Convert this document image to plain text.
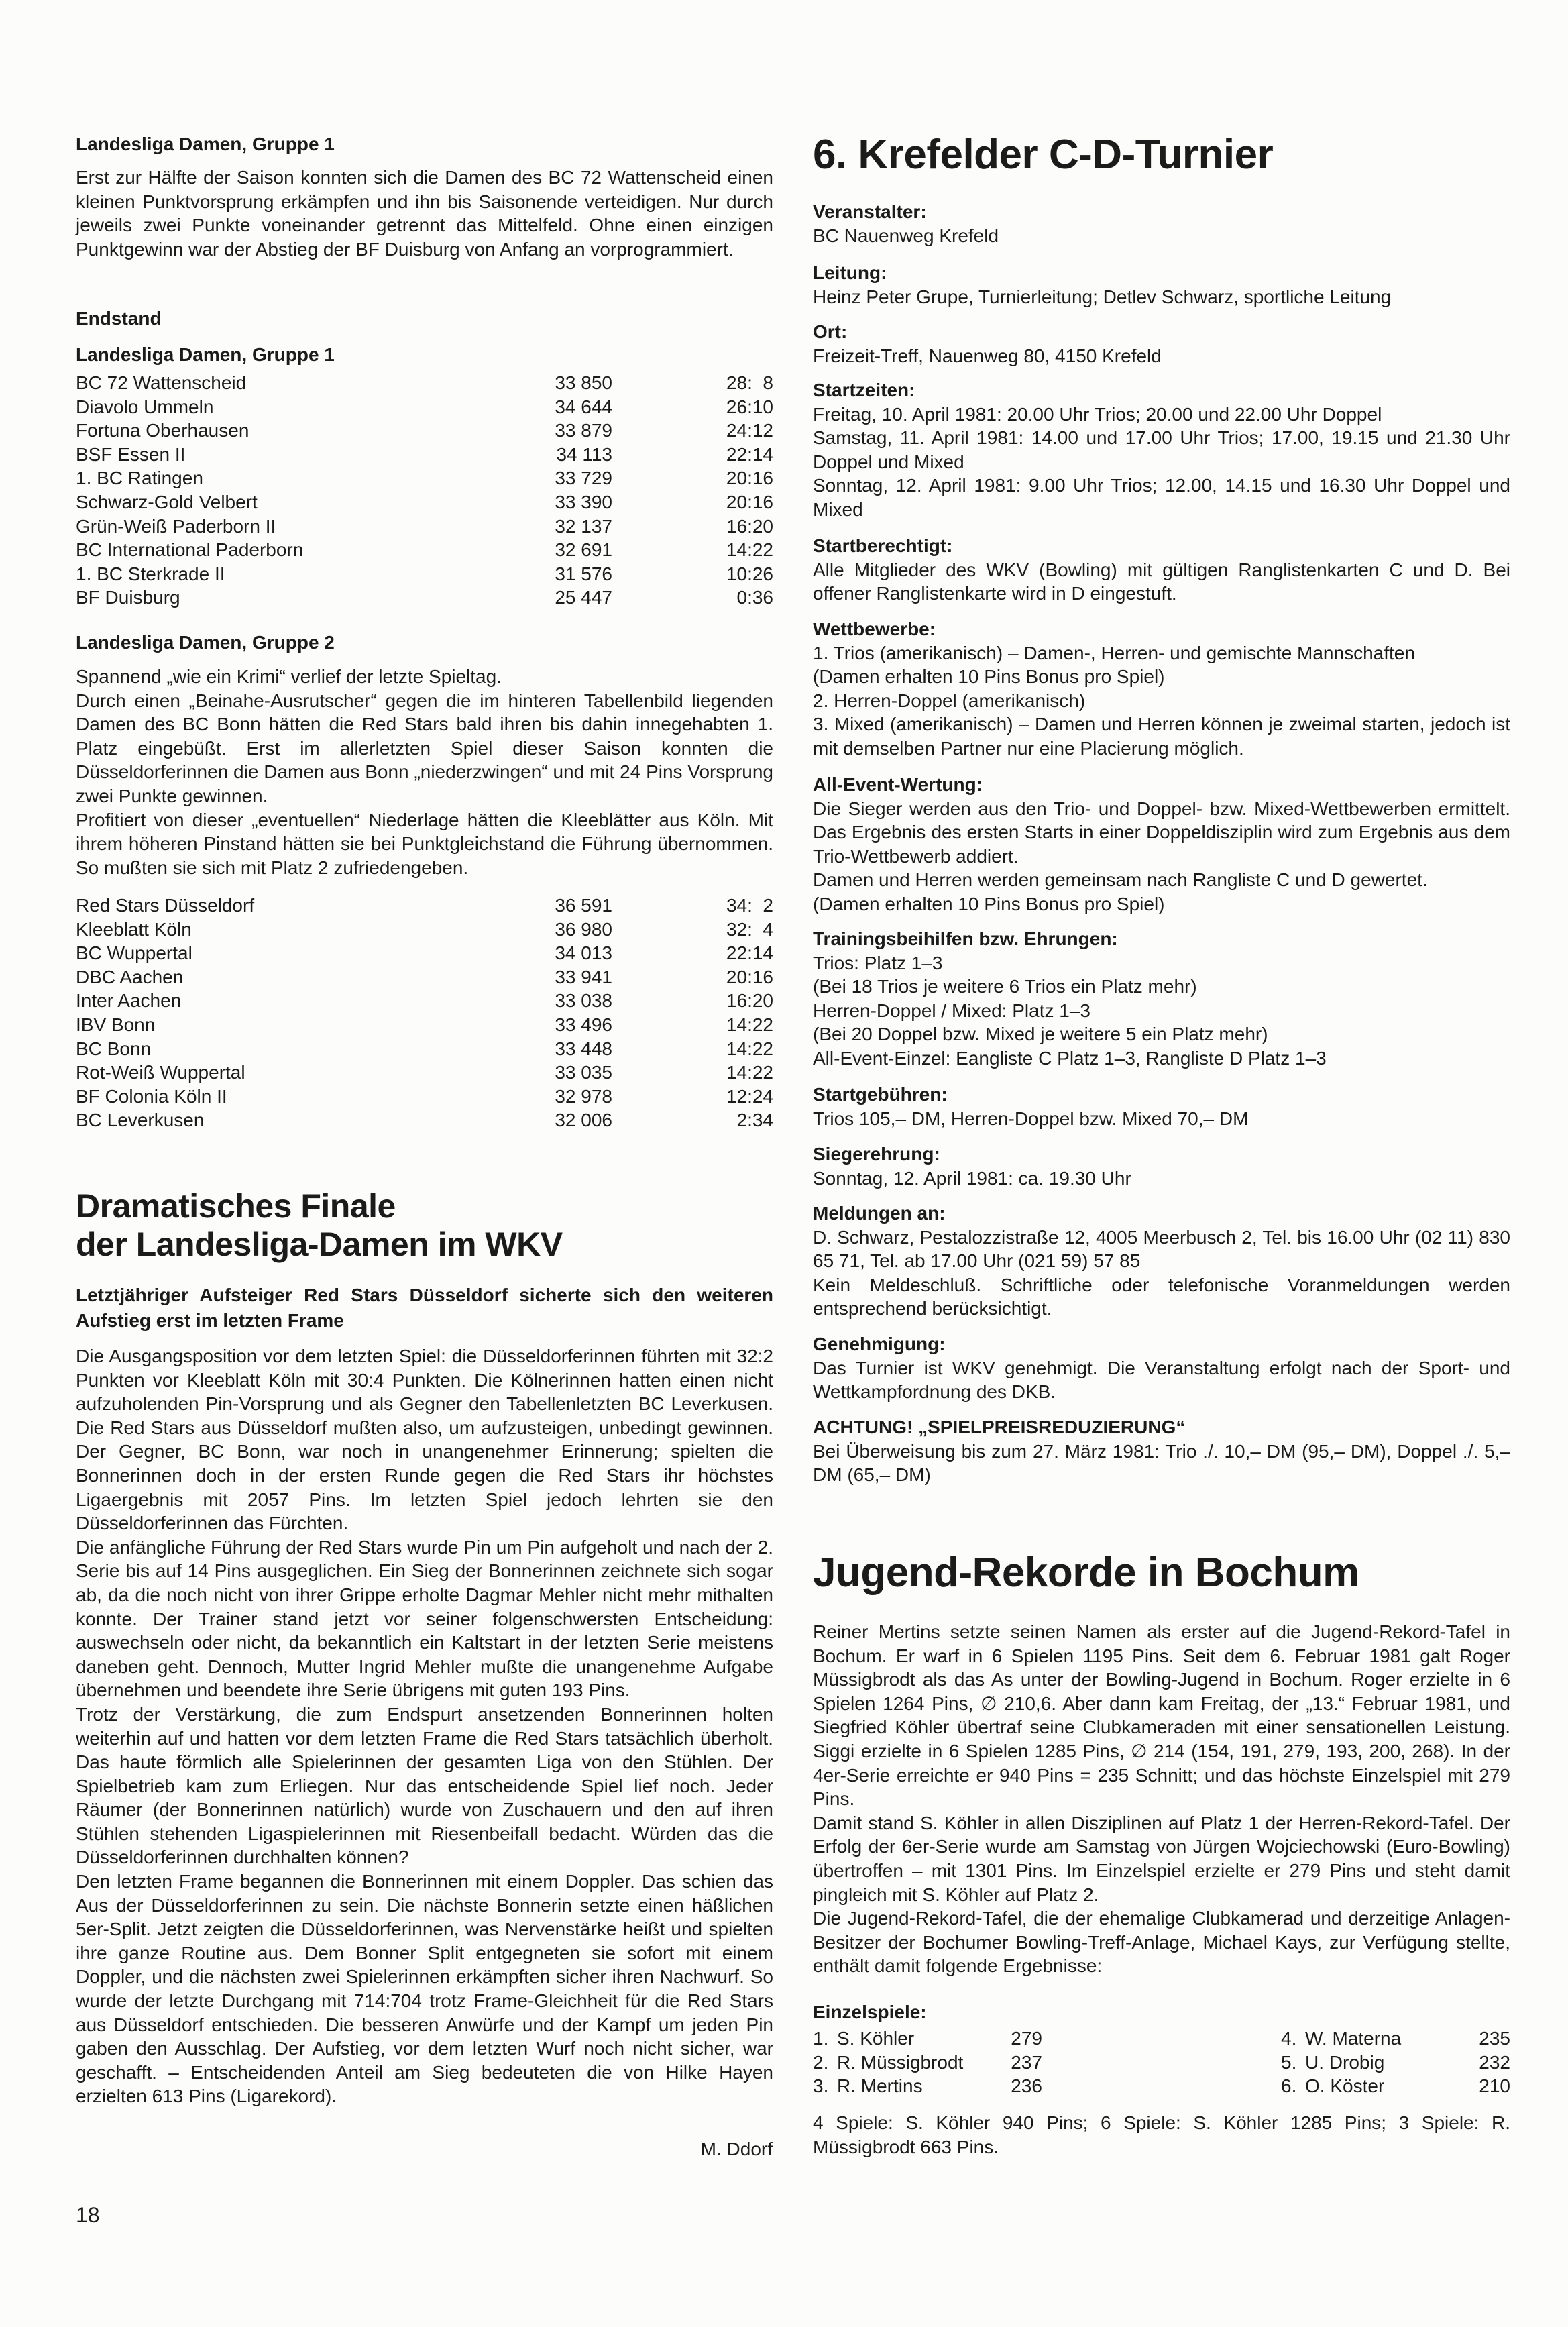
Landesliga Damen, Gruppe 1

Erst zur Hälfte der Saison konnten sich die Damen des BC 72 Wattenscheid einen kleinen Punktvorsprung erkämpfen und ihn bis Saisonende verteidigen. Nur durch jeweils zwei Punkte voneinander getrennt das Mittelfeld. Ohne einen einzigen Punktgewinn war der Abstieg der BF Duisburg von Anfang an vorprogrammiert.

Endstand
Landesliga Damen, Gruppe 1
BC 72 Wattenscheid	33 850	28:  8
Diavolo Ummeln	34 644	26:10
Fortuna Oberhausen	33 879	24:12
BSF Essen II	34 113	22:14
1. BC Ratingen	33 729	20:16
Schwarz-Gold Velbert	33 390	20:16
Grün-Weiß Paderborn II	32 137	16:20
BC International Paderborn	32 691	14:22
1. BC Sterkrade II	31 576	10:26
BF Duisburg	25 447	0:36
Landesliga Damen, Gruppe 2

Spannend „wie ein Krimi“ verlief der letzte Spieltag.

Durch einen „Beinahe-Ausrutscher“ gegen die im hinteren Tabellenbild liegenden Damen des BC Bonn hätten die Red Stars bald ihren bis dahin innegehabten 1. Platz eingebüßt. Erst im allerletzten Spiel dieser Saison konnten die Düsseldorferinnen die Damen aus Bonn „niederzwingen“ und mit 24 Pins Vorsprung zwei Punkte gewinnen.

Profitiert von dieser „eventuellen“ Niederlage hätten die Kleeblätter aus Köln. Mit ihrem höheren Pinstand hätten sie bei Punktgleichstand die Führung übernommen. So mußten sie sich mit Platz 2 zufriedengeben.

Red Stars Düsseldorf	36 591	34:  2
Kleeblatt Köln	36 980	32:  4
BC Wuppertal	34 013	22:14
DBC Aachen	33 941	20:16
Inter Aachen	33 038	16:20
IBV Bonn	33 496	14:22
BC Bonn	33 448	14:22
Rot-Weiß Wuppertal	33 035	14:22
BF Colonia Köln II	32 978	12:24
BC Leverkusen	32 006	2:34
Dramatisches Finale
der Landesliga-Damen im WKV
Letztjähriger Aufsteiger Red Stars Düsseldorf sicherte sich den weiteren Aufstieg erst im letzten Frame

Die Ausgangsposition vor dem letzten Spiel: die Düsseldorferinnen führten mit 32:2 Punkten vor Kleeblatt Köln mit 30:4 Punkten. Die Kölnerinnen hatten einen nicht aufzuholenden Pin-Vorsprung und als Gegner den Tabellenletzten BC Leverkusen. Die Red Stars aus Düsseldorf mußten also, um aufzusteigen, unbedingt gewinnen. Der Gegner, BC Bonn, war noch in unangenehmer Erinnerung; spielten die Bonnerinnen doch in der ersten Runde gegen die Red Stars ihr höchstes Ligaergebnis mit 2057 Pins. Im letzten Spiel jedoch lehrten sie den Düsseldorferinnen das Fürchten.

Die anfängliche Führung der Red Stars wurde Pin um Pin aufgeholt und nach der 2. Serie bis auf 14 Pins ausgeglichen. Ein Sieg der Bonnerinnen zeichnete sich sogar ab, da die noch nicht von ihrer Grippe erholte Dagmar Mehler nicht mehr mithalten konnte. Der Trainer stand jetzt vor seiner folgenschwersten Entscheidung: auswechseln oder nicht, da bekanntlich ein Kaltstart in der letzten Serie meistens daneben geht. Dennoch, Mutter Ingrid Mehler mußte die unangenehme Aufgabe übernehmen und beendete ihre Serie übrigens mit guten 193 Pins.

Trotz der Verstärkung, die zum Endspurt ansetzenden Bonnerinnen holten weiterhin auf und hatten vor dem letzten Frame die Red Stars tatsächlich überholt. Das haute förmlich alle Spielerinnen der gesamten Liga von den Stühlen. Der Spielbetrieb kam zum Erliegen. Nur das entscheidende Spiel lief noch. Jeder Räumer (der Bonnerinnen natürlich) wurde von Zuschauern und den auf ihren Stühlen stehenden Ligaspielerinnen mit Riesenbeifall bedacht. Würden das die Düsseldorferinnen durchhalten können?

Den letzten Frame begannen die Bonnerinnen mit einem Doppler. Das schien das Aus der Düsseldorferinnen zu sein. Die nächste Bonnerin setzte einen häßlichen 5er-Split. Jetzt zeigten die Düsseldorferinnen, was Nervenstärke heißt und spielten ihre ganze Routine aus. Dem Bonner Split entgegneten sie sofort mit einem Doppler, und die nächsten zwei Spielerinnen erkämpften sicher ihren Nachwurf. So wurde der letzte Durchgang mit 714:704 trotz Frame-Gleichheit für die Red Stars aus Düsseldorf entschieden. Die besseren Anwürfe und der Kampf um jeden Pin gaben den Ausschlag. Der Aufstieg, vor dem letzten Wurf noch nicht sicher, war geschafft. – Entscheidenden Anteil am Sieg bedeuteten die von Hilke Hayen erzielten 613 Pins (Ligarekord).

M. Ddorf
18
6. Krefelder C-D-Turnier
Veranstalter:

BC Nauenweg Krefeld

Leitung:

Heinz Peter Grupe, Turnierleitung; Detlev Schwarz, sportliche Leitung

Ort:

Freizeit-Treff, Nauenweg 80, 4150 Krefeld

Startzeiten:

Freitag, 10. April 1981: 20.00 Uhr Trios; 20.00 und 22.00 Uhr Doppel

Samstag, 11. April 1981: 14.00 und 17.00 Uhr Trios; 17.00, 19.15 und 21.30 Uhr Doppel und Mixed

Sonntag, 12. April 1981: 9.00 Uhr Trios; 12.00, 14.15 und 16.30 Uhr Doppel und Mixed

Startberechtigt:

Alle Mitglieder des WKV (Bowling) mit gültigen Ranglistenkarten C und D. Bei offener Ranglistenkarte wird in D eingestuft.

Wettbewerbe:

1. Trios (amerikanisch) – Damen-, Herren- und gemischte Mannschaften

(Damen erhalten 10 Pins Bonus pro Spiel)

2. Herren-Doppel (amerikanisch)

3. Mixed (amerikanisch) – Damen und Herren können je zweimal starten, jedoch ist mit demselben Partner nur eine Placierung möglich.

All-Event-Wertung:

Die Sieger werden aus den Trio- und Doppel- bzw. Mixed-Wettbewerben ermittelt. Das Ergebnis des ersten Starts in einer Doppeldisziplin wird zum Ergebnis aus dem Trio-Wettbewerb addiert.

Damen und Herren werden gemeinsam nach Rangliste C und D gewertet.

(Damen erhalten 10 Pins Bonus pro Spiel)

Trainingsbeihilfen bzw. Ehrungen:

Trios: Platz 1–3

(Bei 18 Trios je weitere 6 Trios ein Platz mehr)

Herren-Doppel / Mixed: Platz 1–3

(Bei 20 Doppel bzw. Mixed je weitere 5 ein Platz mehr)

All-Event-Einzel: Eangliste C Platz 1–3, Rangliste D Platz 1–3

Startgebühren:

Trios 105,– DM, Herren-Doppel bzw. Mixed 70,– DM

Siegerehrung:

Sonntag, 12. April 1981: ca. 19.30 Uhr

Meldungen an:

D. Schwarz, Pestalozzistraße 12, 4005 Meerbusch 2, Tel. bis 16.00 Uhr (02 11) 830 65 71, Tel. ab 17.00 Uhr (021 59) 57 85

Kein Meldeschluß. Schriftliche oder telefonische Voranmeldungen werden entsprechend berücksichtigt.

Genehmigung:

Das Turnier ist WKV genehmigt. Die Veranstaltung erfolgt nach der Sport- und Wettkampfordnung des DKB.

ACHTUNG! „SPIELPREISREDUZIERUNG“

Bei Überweisung bis zum 27. März 1981: Trio ./. 10,– DM (95,– DM), Doppel ./. 5,– DM (65,– DM)

Jugend-Rekorde in Bochum

Reiner Mertins setzte seinen Namen als erster auf die Jugend-Rekord-Tafel in Bochum. Er warf in 6 Spielen 1195 Pins. Seit dem 6. Februar 1981 galt Roger Müssigbrodt als das As unter der Bowling-Jugend in Bochum. Roger erzielte in 6 Spielen 1264 Pins, ∅ 210,6. Aber dann kam Freitag, der „13.“ Februar 1981, und Siegfried Köhler übertraf seine Clubkameraden mit einer sensationellen Leistung. Siggi erzielte in 6 Spielen 1285 Pins, ∅ 214 (154, 191, 279, 193, 200, 268). In der 4er-Serie erreichte er 940 Pins = 235 Schnitt; und das höchste Einzelspiel mit 279 Pins.

Damit stand S. Köhler in allen Disziplinen auf Platz 1 der Herren-Rekord-Tafel. Der Erfolg der 6er-Serie wurde am Samstag von Jürgen Wojciechowski (Euro-Bowling) übertroffen – mit 1301 Pins. Im Einzelspiel erzielte er 279 Pins und steht damit pingleich mit S. Köhler auf Platz 2.

Die Jugend-Rekord-Tafel, die der ehemalige Clubkamerad und derzeitige Anlagen-Besitzer der Bochumer Bowling-Treff-Anlage, Michael Kays, zur Verfügung stellte, enthält damit folgende Ergebnisse:

Einzelspiele:
1. S. Köhler	279
2. R. Müssigbrodt	237
3. R. Mertins	236
4. W. Materna	235
5. U. Drobig	232
6. O. Köster	210

4 Spiele: S. Köhler 940 Pins; 6 Spiele: S. Köhler 1285 Pins; 3 Spiele: R. Müssigbrodt 663 Pins.
